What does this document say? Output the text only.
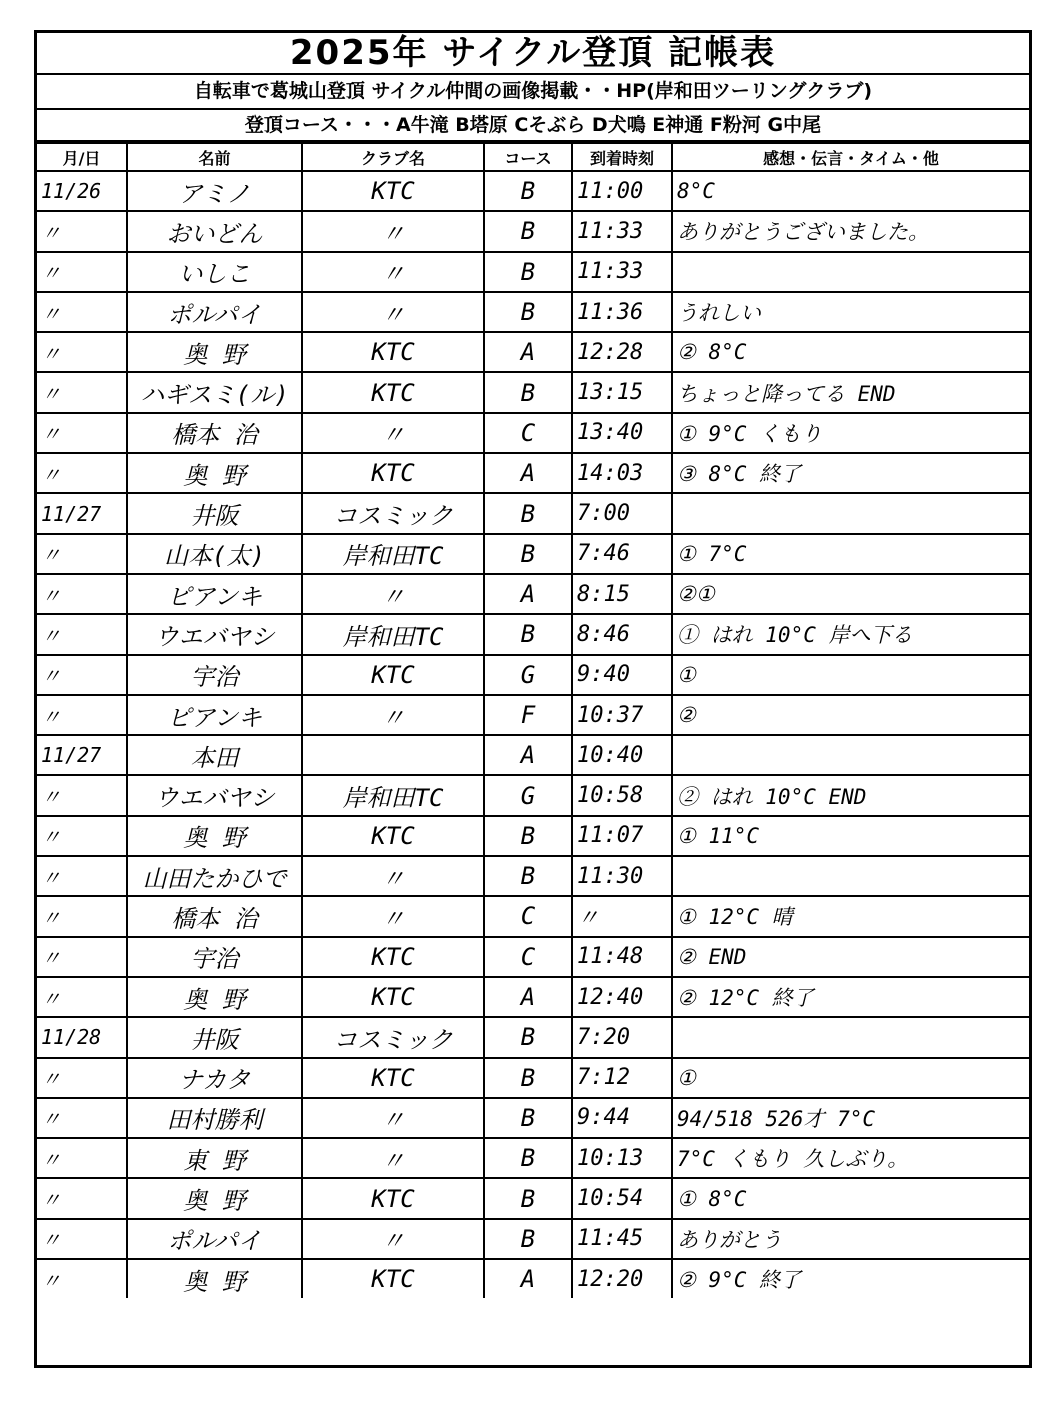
2025年 サイクル登頂 記帳表
自転車で葛城山登頂 サイクル仲間の画像掲載・・HP(岸和田ツーリングクラブ)
登頂コース・・・A牛滝 B塔原 Cそぶら D犬鳴 E神通 F粉河 G中尾
月/日	名前	クラブ名	コース	到着時刻	感想・伝言・タイム・他
11/26	アミノ	KTC	B	11:00	8°C
〃	おいどん	〃	B	11:33	ありがとうございました。
〃	いしこ	〃	B	11:33	
〃	ポルパイ	〃	B	11:36	うれしい
〃	奥 野	KTC	A	12:28	② 8°C
〃	ハギスミ(ル)	KTC	B	13:15	ちょっと降ってる END
〃	橋本 治	〃	C	13:40	① 9°C くもり
〃	奥 野	KTC	A	14:03	③ 8°C 終了
11/27	井阪	コスミック	B	7:00	
〃	山本(太)	岸和田TC	B	7:46	① 7°C
〃	ピアンキ	〃	A	8:15	②①
〃	ウエバヤシ	岸和田TC	B	8:46	① はれ 10°C 岸へ下る
〃	宇治	KTC	G	9:40	①
〃	ピアンキ	〃	F	10:37	②
11/27	本田		A	10:40	
〃	ウエバヤシ	岸和田TC	G	10:58	② はれ 10°C END
〃	奥 野	KTC	B	11:07	① 11°C
〃	山田たかひで	〃	B	11:30	
〃	橋本 治	〃	C	〃	① 12°C 晴
〃	宇治	KTC	C	11:48	② END
〃	奥 野	KTC	A	12:40	② 12°C 終了
11/28	井阪	コスミック	B	7:20	
〃	ナカタ	KTC	B	7:12	①
〃	田村勝利	〃	B	9:44	94/518 526才 7°C
〃	東 野	〃	B	10:13	7°C くもり 久しぶり。
〃	奥 野	KTC	B	10:54	① 8°C
〃	ポルパイ	〃	B	11:45	ありがとう
〃	奥 野	KTC	A	12:20	② 9°C 終了
